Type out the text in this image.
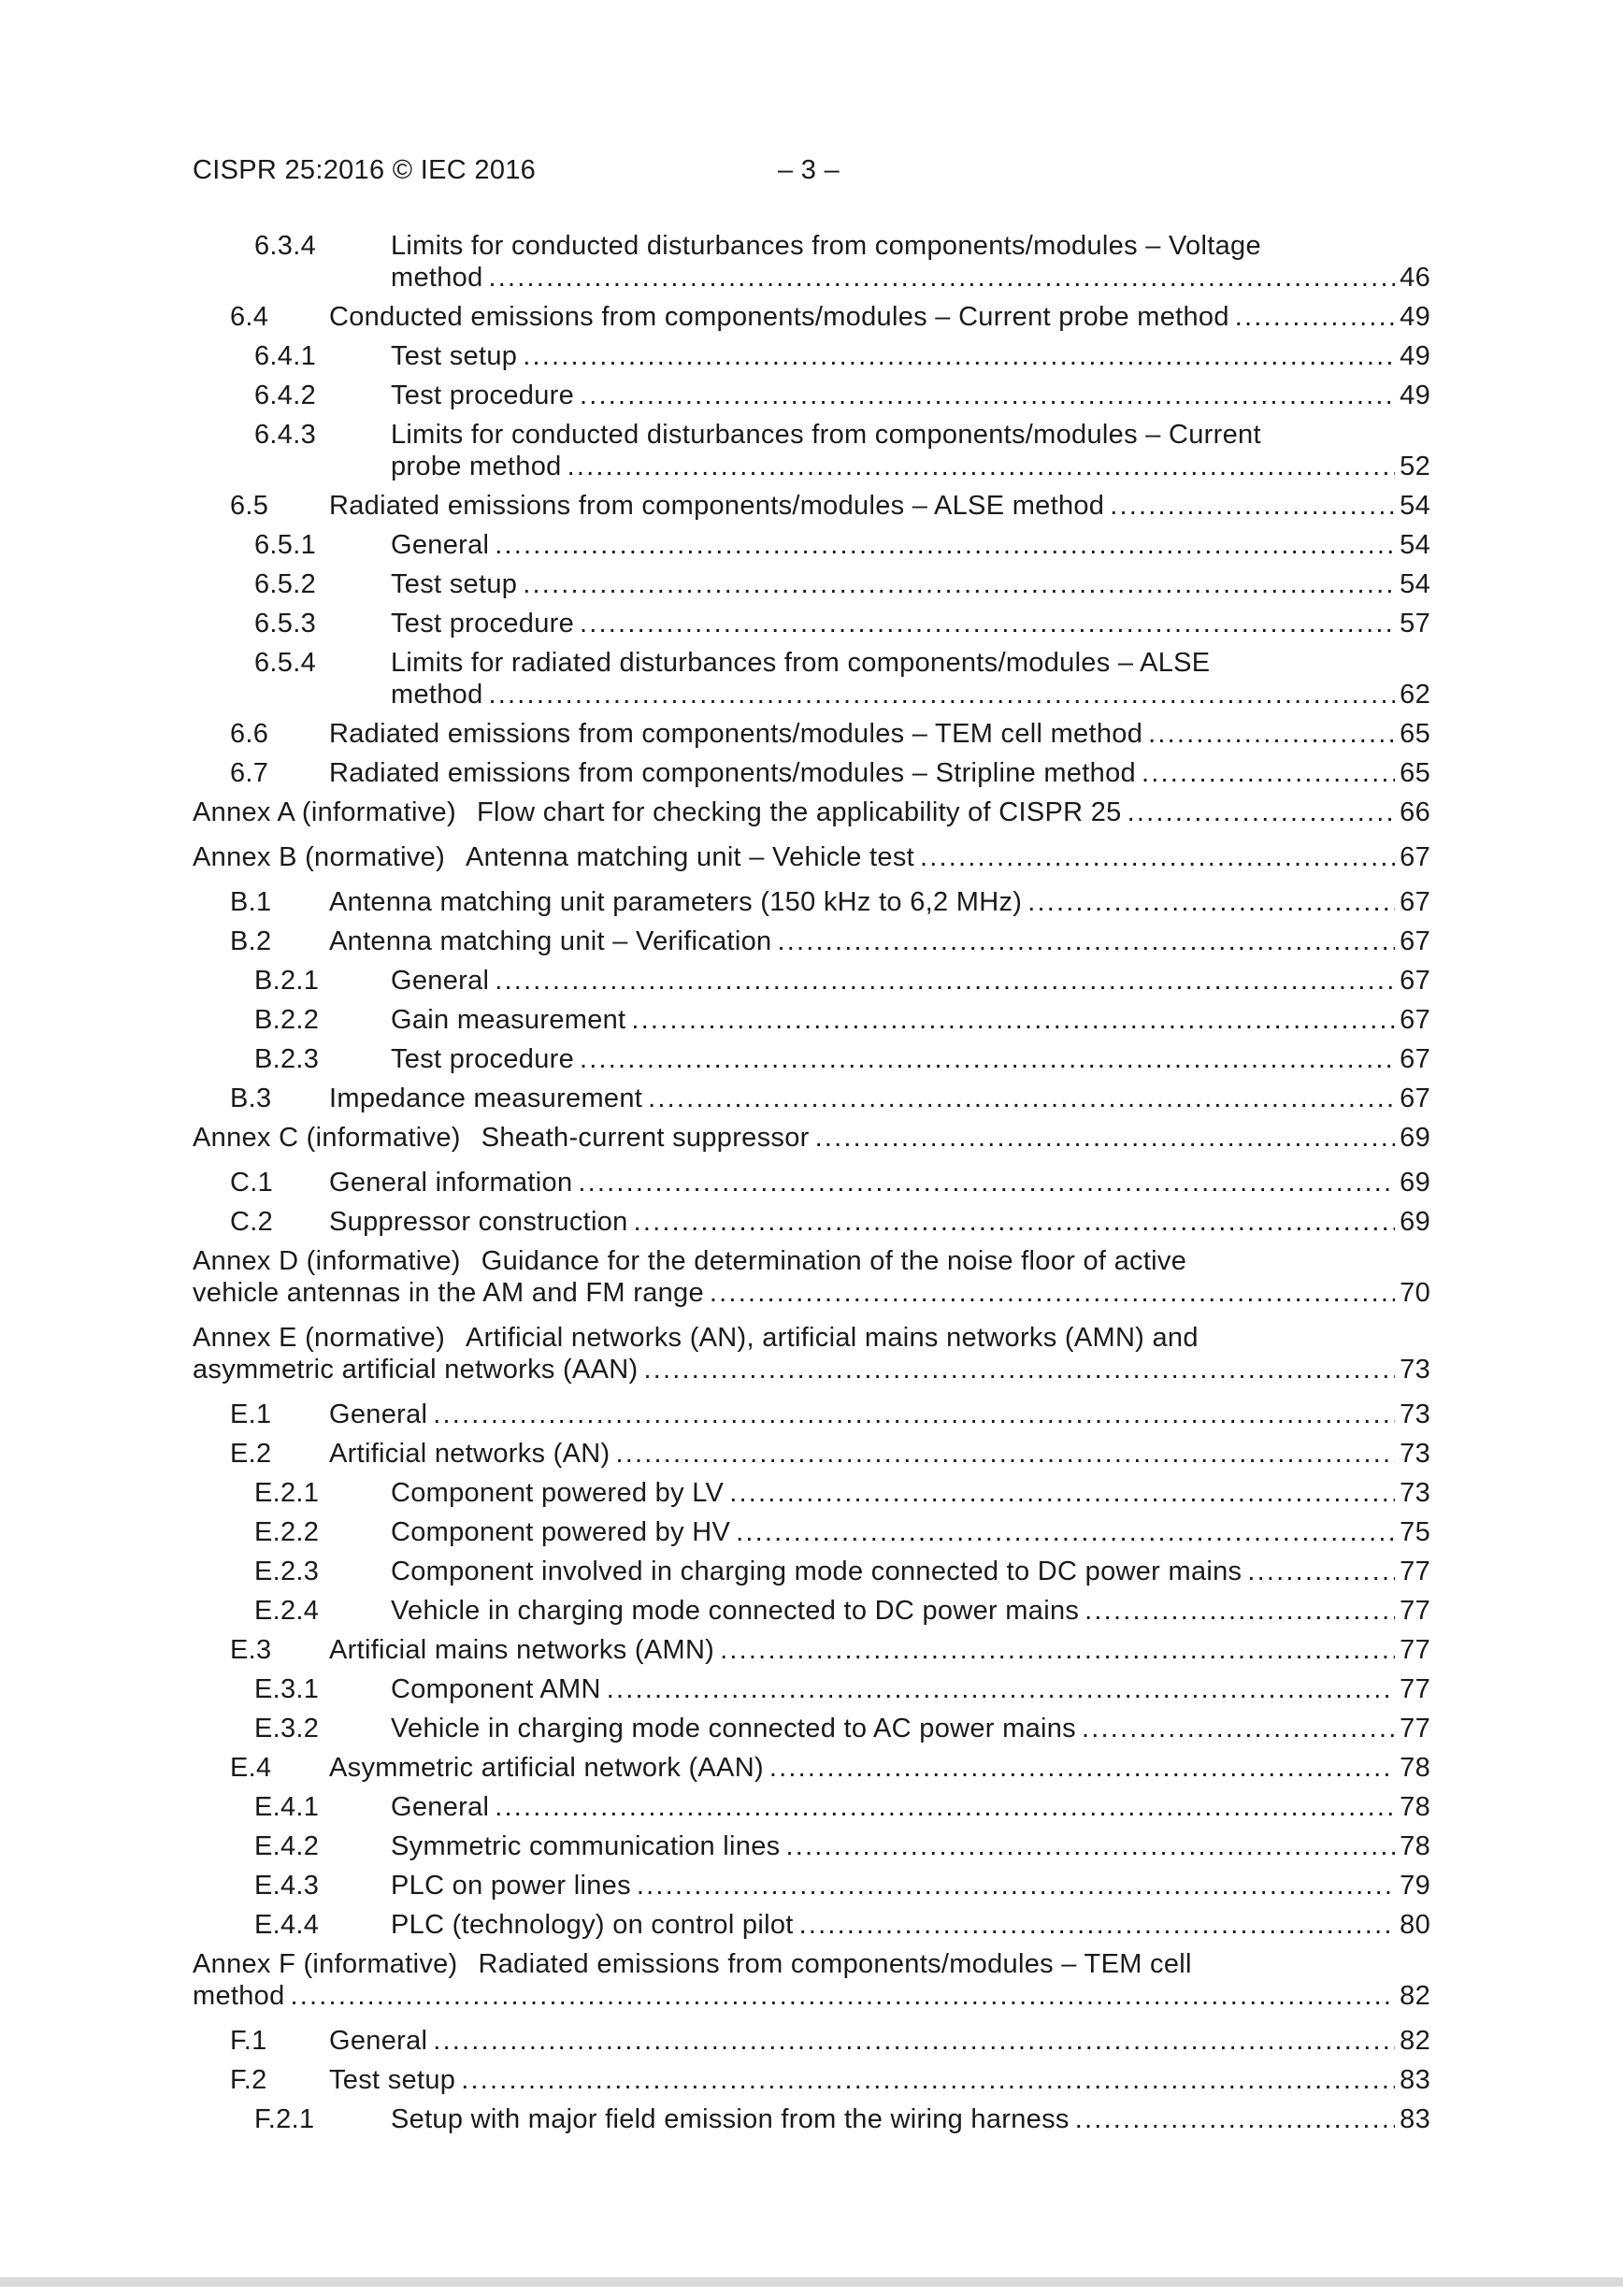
CISPR 25:2016 © IEC 2016	– 3 –
6.3.4	Limits for conducted disturbances from components/modules – Voltage
method .....	46
6.4 Conducted emissions from components/modules – Current probe method .....	49
6.4.1	Test setup .....	49
6.4.2	Test procedure .....	49
6.4.3	Limits for conducted disturbances from components/modules – Current
probe method .....	52
6.5 Radiated emissions from components/modules – ALSE method .....	54
6.5.1	General .....	54
6.5.2	Test setup .....	54
6.5.3	Test procedure .....	57
6.5.4	Limits for radiated disturbances from components/modules – ALSE
method .....	62
6.6 Radiated emissions from components/modules – TEM cell method .....	65
6.7 Radiated emissions from components/modules – Stripline method .....	65
Annex A (informative) Flow chart for checking the applicability of CISPR 25 .....	66
Annex B (normative) Antenna matching unit – Vehicle test .....	67
B.1 Antenna matching unit parameters (150 kHz to 6,2 MHz) .....	67
B.2 Antenna matching unit – Verification .....	67
B.2.1	General .....	67
B.2.2	Gain measurement .....	67
B.2.3	Test procedure .....	67
B.3 Impedance measurement .....	67
Annex C (informative) Sheath-current suppressor .....	69
C.1 General information .....	69
C.2 Suppressor construction .....	69
Annex D (informative) Guidance for the determination of the noise floor of active
vehicle antennas in the AM and FM range .....	70
Annex E (normative) Artificial networks (AN), artificial mains networks (AMN) and
asymmetric artificial networks (AAN) .....	73
E.1 General .....	73
E.2 Artificial networks (AN) .....	73
E.2.1	Component powered by LV .....	73
E.2.2	Component powered by HV .....	75
E.2.3	Component involved in charging mode connected to DC power mains .....	77
E.2.4	Vehicle in charging mode connected to DC power mains .....	77
E.3 Artificial mains networks (AMN) .....	77
E.3.1	Component AMN .....	77
E.3.2	Vehicle in charging mode connected to AC power mains .....	77
E.4 Asymmetric artificial network (AAN) .....	78
E.4.1	General .....	78
E.4.2	Symmetric communication lines .....	78
E.4.3	PLC on power lines .....	79
E.4.4	PLC (technology) on control pilot .....	80
Annex F (informative) Radiated emissions from components/modules – TEM cell
method .....	82
F.1 General .....	82
F.2 Test setup .....	83
F.2.1	Setup with major field emission from the wiring harness .....	83
